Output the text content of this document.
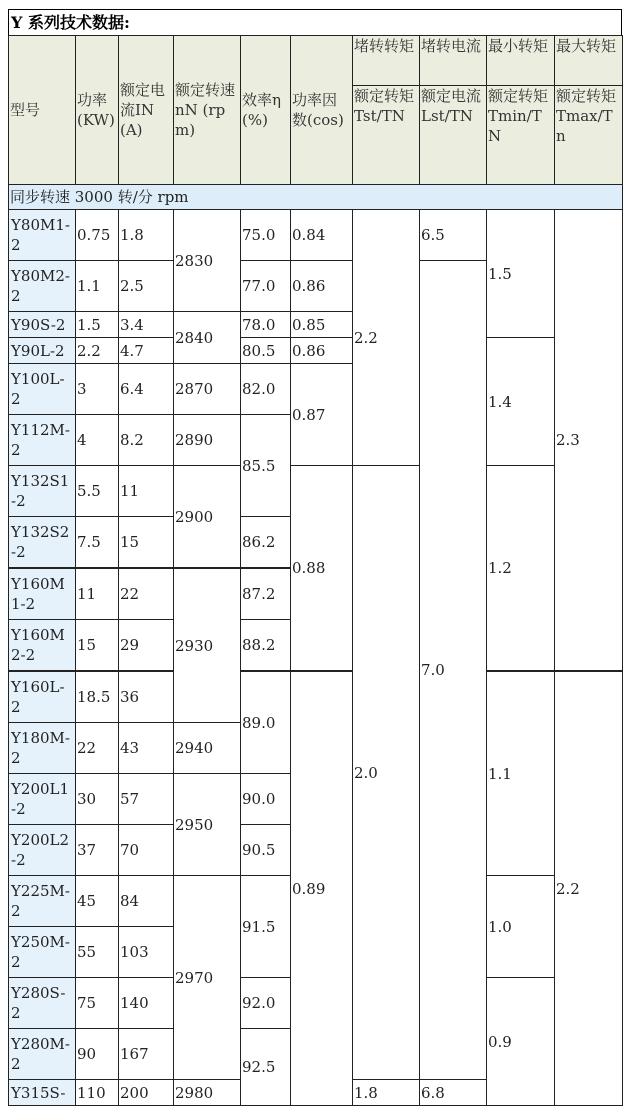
Y 系列技术数据:
型号	功率(KW)	额定电流IN (A)	额定转速nN (rpm)	效率η (%)	功率因数(cos)	堵转转矩	堵转电流	最小转矩	最大转矩
						额定转矩Tst/TN	额定电流Lst/TN	额定转矩Tmin/TN	额定转矩Tmax/Tn
同步转速 3000 转/分 rpm									
Y80M1-2	0.75	1.8	2830	75.0	0.84	2.2	6.5	1.5	2.3
Y80M2-2	1.1	2.5		77.0	0.86		7.0		
Y90S-2	1.5	3.4	2840	78.0	0.85				
Y90L-2	2.2	4.7		80.5	0.86			1.4	
Y100L-2	3	6.4	2870	82.0	0.87				
Y112M-2	4	8.2	2890	85.5					
Y132S1-2	5.5	11	2900		0.88	2.0		1.2	
Y132S2-2	7.5	15		86.2					
Y160M1-2	11	22	2930	87.2					
Y160M2-2	15	29		88.2					
Y160L-2	18.5	36		89.0	0.89			1.1	2.2
Y180M-2	22	43	2940						
Y200L1-2	30	57	2950	90.0					
Y200L2-2	37	70		90.5					
Y225M-2	45	84	2970	91.5				1.0	
Y250M-2	55	103							
Y280S-2	75	140		92.0				0.9	
Y280M-2	90	167		92.5					
Y315S-	110	200	2980			1.8	6.8		
